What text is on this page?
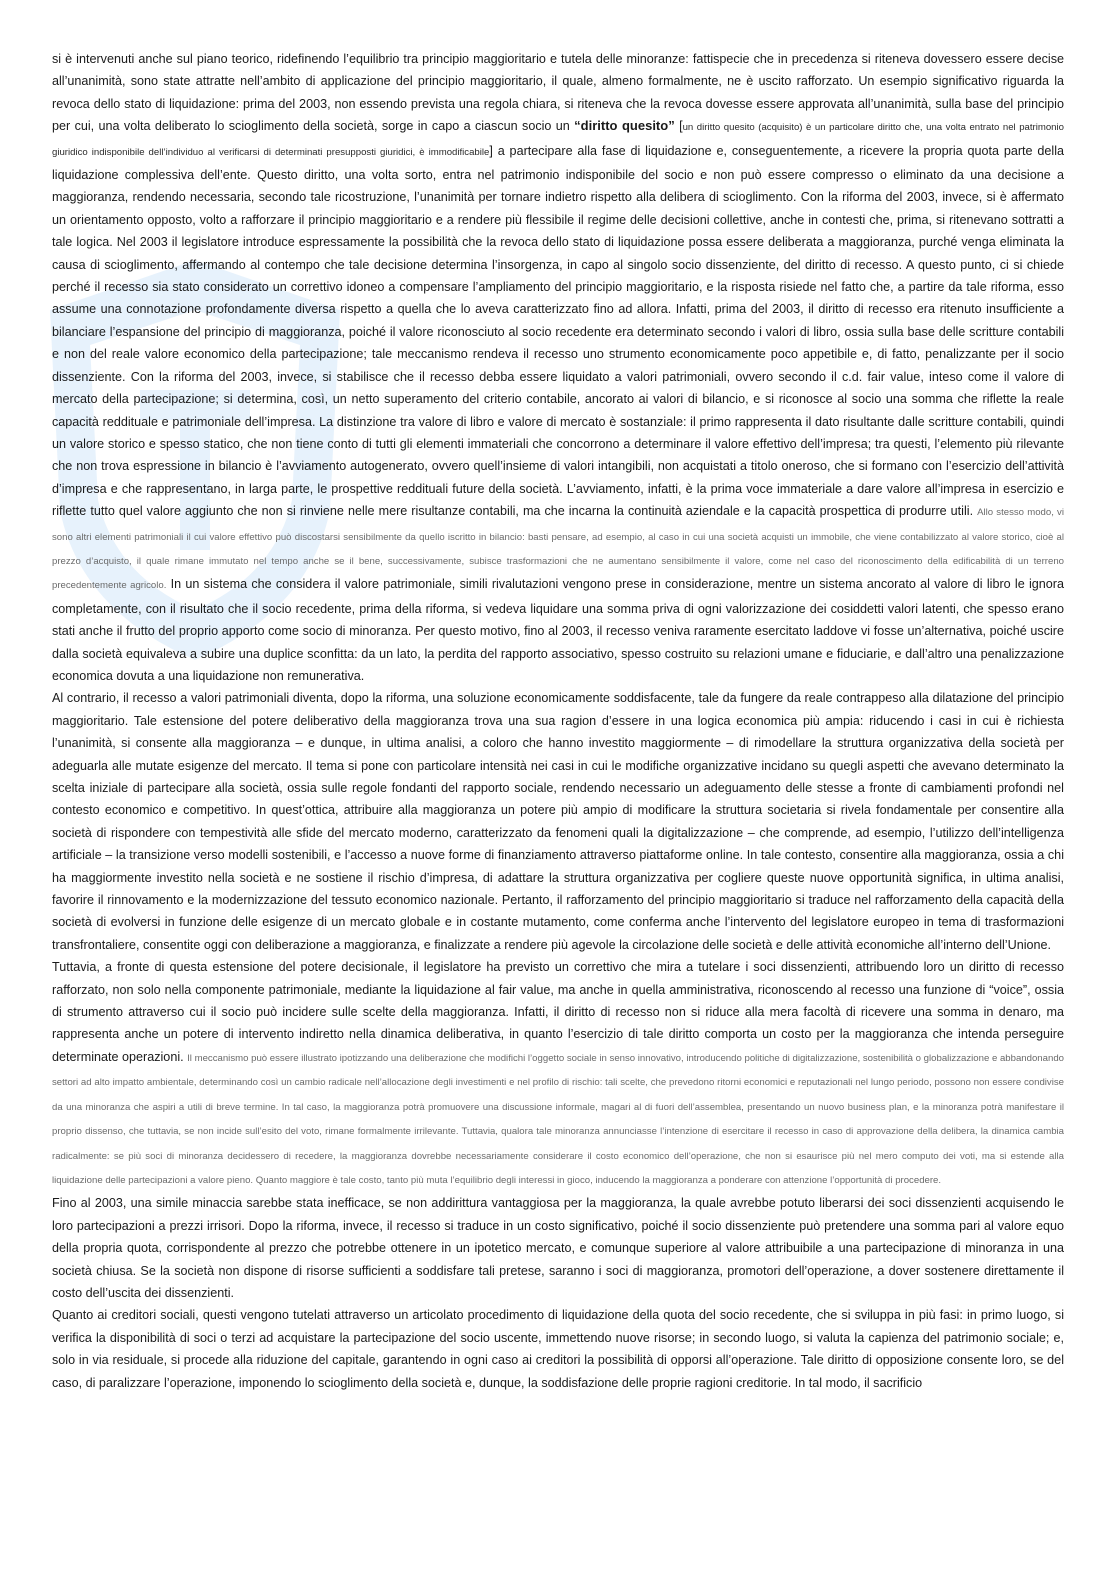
si è intervenuti anche sul piano teorico, ridefinendo l’equilibrio tra principio maggioritario e tutela delle minoranze: fattispecie che in precedenza si riteneva dovessero essere decise all’unanimità, sono state attratte nell’ambito di applicazione del principio maggioritario, il quale, almeno formalmente, ne è uscito rafforzato. Un esempio significativo riguarda la revoca dello stato di liquidazione: prima del 2003, non essendo prevista una regola chiara, si riteneva che la revoca dovesse essere approvata all’unanimità, sulla base del principio per cui, una volta deliberato lo scioglimento della società, sorge in capo a ciascun socio un “diritto quesito” [un diritto quesito (acquisito) è un particolare diritto che, una volta entrato nel patrimonio giuridico indisponibile dell’individuo al verificarsi di determinati presupposti giuridici, è immodificabile] a partecipare alla fase di liquidazione e, conseguentemente, a ricevere la propria quota parte della liquidazione complessiva dell’ente. Questo diritto, una volta sorto, entra nel patrimonio indisponibile del socio e non può essere compresso o eliminato da una decisione a maggioranza, rendendo necessaria, secondo tale ricostruzione, l’unanimità per tornare indietro rispetto alla delibera di scioglimento. Con la riforma del 2003, invece, si è affermato un orientamento opposto, volto a rafforzare il principio maggioritario e a rendere più flessibile il regime delle decisioni collettive, anche in contesti che, prima, si ritenevano sottratti a tale logica. Nel 2003 il legislatore introduce espressamente la possibilità che la revoca dello stato di liquidazione possa essere deliberata a maggioranza, purché venga eliminata la causa di scioglimento, affermando al contempo che tale decisione determina l’insorgenza, in capo al singolo socio dissenziente, del diritto di recesso. A questo punto, ci si chiede perché il recesso sia stato considerato un correttivo idoneo a compensare l’ampliamento del principio maggioritario, e la risposta risiede nel fatto che, a partire da tale riforma, esso assume una connotazione profondamente diversa rispetto a quella che lo aveva caratterizzato fino ad allora. Infatti, prima del 2003, il diritto di recesso era ritenuto insufficiente a bilanciare l’espansione del principio di maggioranza, poiché il valore riconosciuto al socio recedente era determinato secondo i valori di libro, ossia sulla base delle scritture contabili e non del reale valore economico della partecipazione; tale meccanismo rendeva il recesso uno strumento economicamente poco appetibile e, di fatto, penalizzante per il socio dissenziente. Con la riforma del 2003, invece, si stabilisce che il recesso debba essere liquidato a valori patrimoniali, ovvero secondo il c.d. fair value, inteso come il valore di mercato della partecipazione; si determina, così, un netto superamento del criterio contabile, ancorato ai valori di bilancio, e si riconosce al socio una somma che riflette la reale capacità reddituale e patrimoniale dell’impresa. La distinzione tra valore di libro e valore di mercato è sostanziale: il primo rappresenta il dato risultante dalle scritture contabili, quindi un valore storico e spesso statico, che non tiene conto di tutti gli elementi immateriali che concorrono a determinare il valore effettivo dell’impresa; tra questi, l’elemento più rilevante che non trova espressione in bilancio è l’avviamento autogenerato, ovvero quell’insieme di valori intangibili, non acquistati a titolo oneroso, che si formano con l’esercizio dell’attività d’impresa e che rappresentano, in larga parte, le prospettive reddituali future della società. L’avviamento, infatti, è la prima voce immateriale a dare valore all’impresa in esercizio e riflette tutto quel valore aggiunto che non si rinviene nelle mere risultanze contabili, ma che incarna la continuità aziendale e la capacità prospettica di produrre utili. Allo stesso modo, vi sono altri elementi patrimoniali il cui valore effettivo può discostarsi sensibilmente da quello iscritto in bilancio: basti pensare, ad esempio, al caso in cui una società acquisti un immobile, che viene contabilizzato al valore storico, cioè al prezzo d’acquisto, il quale rimane immutato nel tempo anche se il bene, successivamente, subisce trasformazioni che ne aumentano sensibilmente il valore, come nel caso del riconoscimento della edificabilità di un terreno precedentemente agricolo. In un sistema che considera il valore patrimoniale, simili rivalutazioni vengono prese in considerazione, mentre un sistema ancorato al valore di libro le ignora completamente, con il risultato che il socio recedente, prima della riforma, si vedeva liquidare una somma priva di ogni valorizzazione dei cosiddetti valori latenti, che spesso erano stati anche il frutto del proprio apporto come socio di minoranza. Per questo motivo, fino al 2003, il recesso veniva raramente esercitato laddove vi fosse un’alternativa, poiché uscire dalla società equivaleva a subire una duplice sconfitta: da un lato, la perdita del rapporto associativo, spesso costruito su relazioni umane e fiduciarie, e dall’altro una penalizzazione economica dovuta a una liquidazione non remunerativa.

Al contrario, il recesso a valori patrimoniali diventa, dopo la riforma, una soluzione economicamente soddisfacente, tale da fungere da reale contrappeso alla dilatazione del principio maggioritario. Tale estensione del potere deliberativo della maggioranza trova una sua ragion d’essere in una logica economica più ampia: riducendo i casi in cui è richiesta l’unanimità, si consente alla maggioranza – e dunque, in ultima analisi, a coloro che hanno investito maggiormente – di rimodellare la struttura organizzativa della società per adeguarla alle mutate esigenze del mercato. Il tema si pone con particolare intensità nei casi in cui le modifiche organizzative incidano su quegli aspetti che avevano determinato la scelta iniziale di partecipare alla società, ossia sulle regole fondanti del rapporto sociale, rendendo necessario un adeguamento delle stesse a fronte di cambiamenti profondi nel contesto economico e competitivo. In quest’ottica, attribuire alla maggioranza un potere più ampio di modificare la struttura societaria si rivela fondamentale per consentire alla società di rispondere con tempestività alle sfide del mercato moderno, caratterizzato da fenomeni quali la digitalizzazione – che comprende, ad esempio, l’utilizzo dell’intelligenza artificiale – la transizione verso modelli sostenibili, e l’accesso a nuove forme di finanziamento attraverso piattaforme online. In tale contesto, consentire alla maggioranza, ossia a chi ha maggiormente investito nella società e ne sostiene il rischio d’impresa, di adattare la struttura organizzativa per cogliere queste nuove opportunità significa, in ultima analisi, favorire il rinnovamento e la modernizzazione del tessuto economico nazionale. Pertanto, il rafforzamento del principio maggioritario si traduce nel rafforzamento della capacità della società di evolversi in funzione delle esigenze di un mercato globale e in costante mutamento, come conferma anche l’intervento del legislatore europeo in tema di trasformazioni transfrontaliere, consentite oggi con deliberazione a maggioranza, e finalizzate a rendere più agevole la circolazione delle società e delle attività economiche all’interno dell’Unione.

Tuttavia, a fronte di questa estensione del potere decisionale, il legislatore ha previsto un correttivo che mira a tutelare i soci dissenzienti, attribuendo loro un diritto di recesso rafforzato, non solo nella componente patrimoniale, mediante la liquidazione al fair value, ma anche in quella amministrativa, riconoscendo al recesso una funzione di “voice”, ossia di strumento attraverso cui il socio può incidere sulle scelte della maggioranza. Infatti, il diritto di recesso non si riduce alla mera facoltà di ricevere una somma in denaro, ma rappresenta anche un potere di intervento indiretto nella dinamica deliberativa, in quanto l’esercizio di tale diritto comporta un costo per la maggioranza che intenda perseguire determinate operazioni. Il meccanismo può essere illustrato ipotizzando una deliberazione che modifichi l’oggetto sociale in senso innovativo, introducendo politiche di digitalizzazione, sostenibilità o globalizzazione e abbandonando settori ad alto impatto ambientale, determinando così un cambio radicale nell’allocazione degli investimenti e nel profilo di rischio: tali scelte, che prevedono ritorni economici e reputazionali nel lungo periodo, possono non essere condivise da una minoranza che aspiri a utili di breve termine. In tal caso, la maggioranza potrà promuovere una discussione informale, magari al di fuori dell’assemblea, presentando un nuovo business plan, e la minoranza potrà manifestare il proprio dissenso, che tuttavia, se non incide sull’esito del voto, rimane formalmente irrilevante. Tuttavia, qualora tale minoranza annunciasse l’intenzione di esercitare il recesso in caso di approvazione della delibera, la dinamica cambia radicalmente: se più soci di minoranza decidessero di recedere, la maggioranza dovrebbe necessariamente considerare il costo economico dell’operazione, che non si esaurisce più nel mero computo dei voti, ma si estende alla liquidazione delle partecipazioni a valore pieno. Quanto maggiore è tale costo, tanto più muta l’equilibrio degli interessi in gioco, inducendo la maggioranza a ponderare con attenzione l’opportunità di procedere.

Fino al 2003, una simile minaccia sarebbe stata inefficace, se non addirittura vantaggiosa per la maggioranza, la quale avrebbe potuto liberarsi dei soci dissenzienti acquisendo le loro partecipazioni a prezzi irrisori. Dopo la riforma, invece, il recesso si traduce in un costo significativo, poiché il socio dissenziente può pretendere una somma pari al valore equo della propria quota, corrispondente al prezzo che potrebbe ottenere in un ipotetico mercato, e comunque superiore al valore attribuibile a una partecipazione di minoranza in una società chiusa. Se la società non dispone di risorse sufficienti a soddisfare tali pretese, saranno i soci di maggioranza, promotori dell’operazione, a dover sostenere direttamente il costo dell’uscita dei dissenzienti.

Quanto ai creditori sociali, questi vengono tutelati attraverso un articolato procedimento di liquidazione della quota del socio recedente, che si sviluppa in più fasi: in primo luogo, si verifica la disponibilità di soci o terzi ad acquistare la partecipazione del socio uscente, immettendo nuove risorse; in secondo luogo, si valuta la capienza del patrimonio sociale; e, solo in via residuale, si procede alla riduzione del capitale, garantendo in ogni caso ai creditori la possibilità di opporsi all’operazione. Tale diritto di opposizione consente loro, se del caso, di paralizzare l’operazione, imponendo lo scioglimento della società e, dunque, la soddisfazione delle proprie ragioni creditorie. In tal modo, il sacrificio
